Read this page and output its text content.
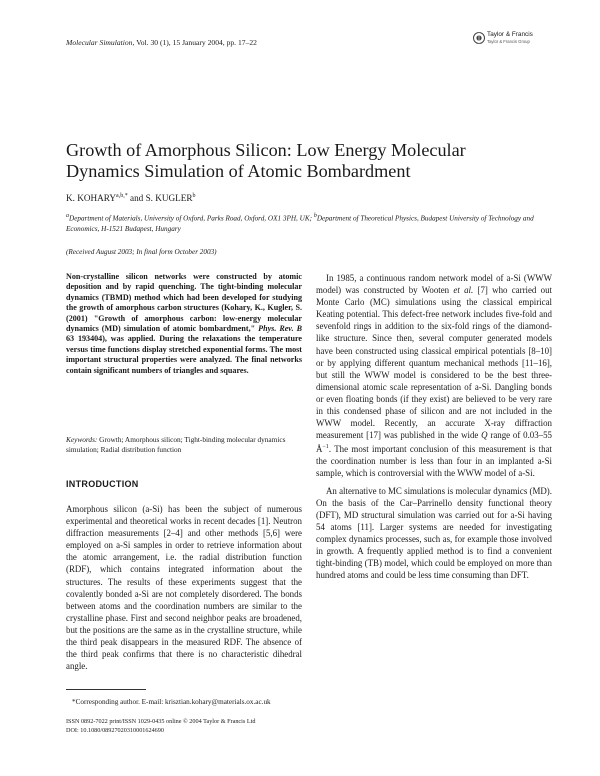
Molecular Simulation, Vol. 30 (1), 15 January 2004, pp. 17–22
Taylor & Francis
Taylor & Francis Group
Growth of Amorphous Silicon: Low Energy Molecular Dynamics Simulation of Atomic Bombardment
K. $KOHARY^{a,b,*}$ and S. KUGLER$^b$
$^a$Department of Materials, University of Oxford, Parks Road, Oxford, OX1 3PH, UK; $^b$Department of Theoretical Physics, Budapest University of Technology and Economics, H-1521 Budapest, Hungary
(Received August 2003; In final form October 2003)
Non-crystalline silicon networks were constructed by atomic deposition and by rapid quenching. The tight-binding molecular dynamics (TBMD) method which had been developed for studying the growth of amorphous carbon structures (Kohary, K., Kugler, S. (2001) "Growth of amorphous carbon: low-energy molecular dynamics (MD) simulation of atomic bombardment," Phys. Rev. B 63 193404), was applied. During the relaxations the temperature versus time functions display stretched exponential forms. The most important structural properties were analyzed. The final networks contain significant numbers of triangles and squares.
Keywords: Growth; Amorphous silicon; Tight-binding molecular dynamics simulation; Radial distribution function
INTRODUCTION

Amorphous silicon (a-Si) has been the subject of numerous experimental and theoretical works in recent decades [1]. Neutron diffraction measurements [2–4] and other methods [5,6] were employed on a-Si samples in order to retrieve information about the atomic arrangement, i.e. the radial distribution function (RDF), which contains integrated information about the structures. The results of these experiments suggest that the covalently bonded a-Si are not completely disordered. The bonds between atoms and the coordination numbers are similar to the crystalline phase. First and second neighbor peaks are broadened, but the positions are the same as in the crystalline structure, while the third peak disappears in the measured RDF. The absence of the third peak confirms that there is no characteristic dihedral angle.

In 1985, a continuous random network model of a-Si (WWW model) was constructed by Wooten et al. [7] who carried out Monte Carlo (MC) simulations using the classical empirical Keating potential. This defect-free network includes five-fold and sevenfold rings in addition to the six-fold rings of the diamond-like structure. Since then, several computer generated models have been constructed using classical empirical potentials [8–10] or by applying different quantum mechanical methods [11–16], but still the WWW model is considered to be the best three-dimensional atomic scale representation of a-Si. Dangling bonds or even floating bonds (if they exist) are believed to be very rare in this condensed phase of silicon and are not included in the WWW model. Recently, an accurate X-ray diffraction measurement [17] was published in the wide Q range of 0.03–55 $Å^{-1}$. The most important conclusion of this measurement is that the coordination number is less than four in an implanted a-Si sample, which is controversial with the WWW model of a-Si.

An alternative to MC simulations is molecular dynamics (MD). On the basis of the Car–Parrinello density functional theory (DFT), MD structural simulation was carried out for a-Si having 54 atoms [11]. Larger systems are needed for investigating complex dynamics processes, such as, for example those involved in growth. A frequently applied method is to find a convenient tight-binding (TB) model, which could be employed on more than hundred atoms and could be less time consuming than DFT.

*Corresponding author. E-mail: krisztian.kohary@materials.ox.ac.uk
ISSN 0892-7022 print/ISSN 1029-0435 online © 2004 Taylor & Francis Ltd
DOI: 10.1080/08927020310001624690
